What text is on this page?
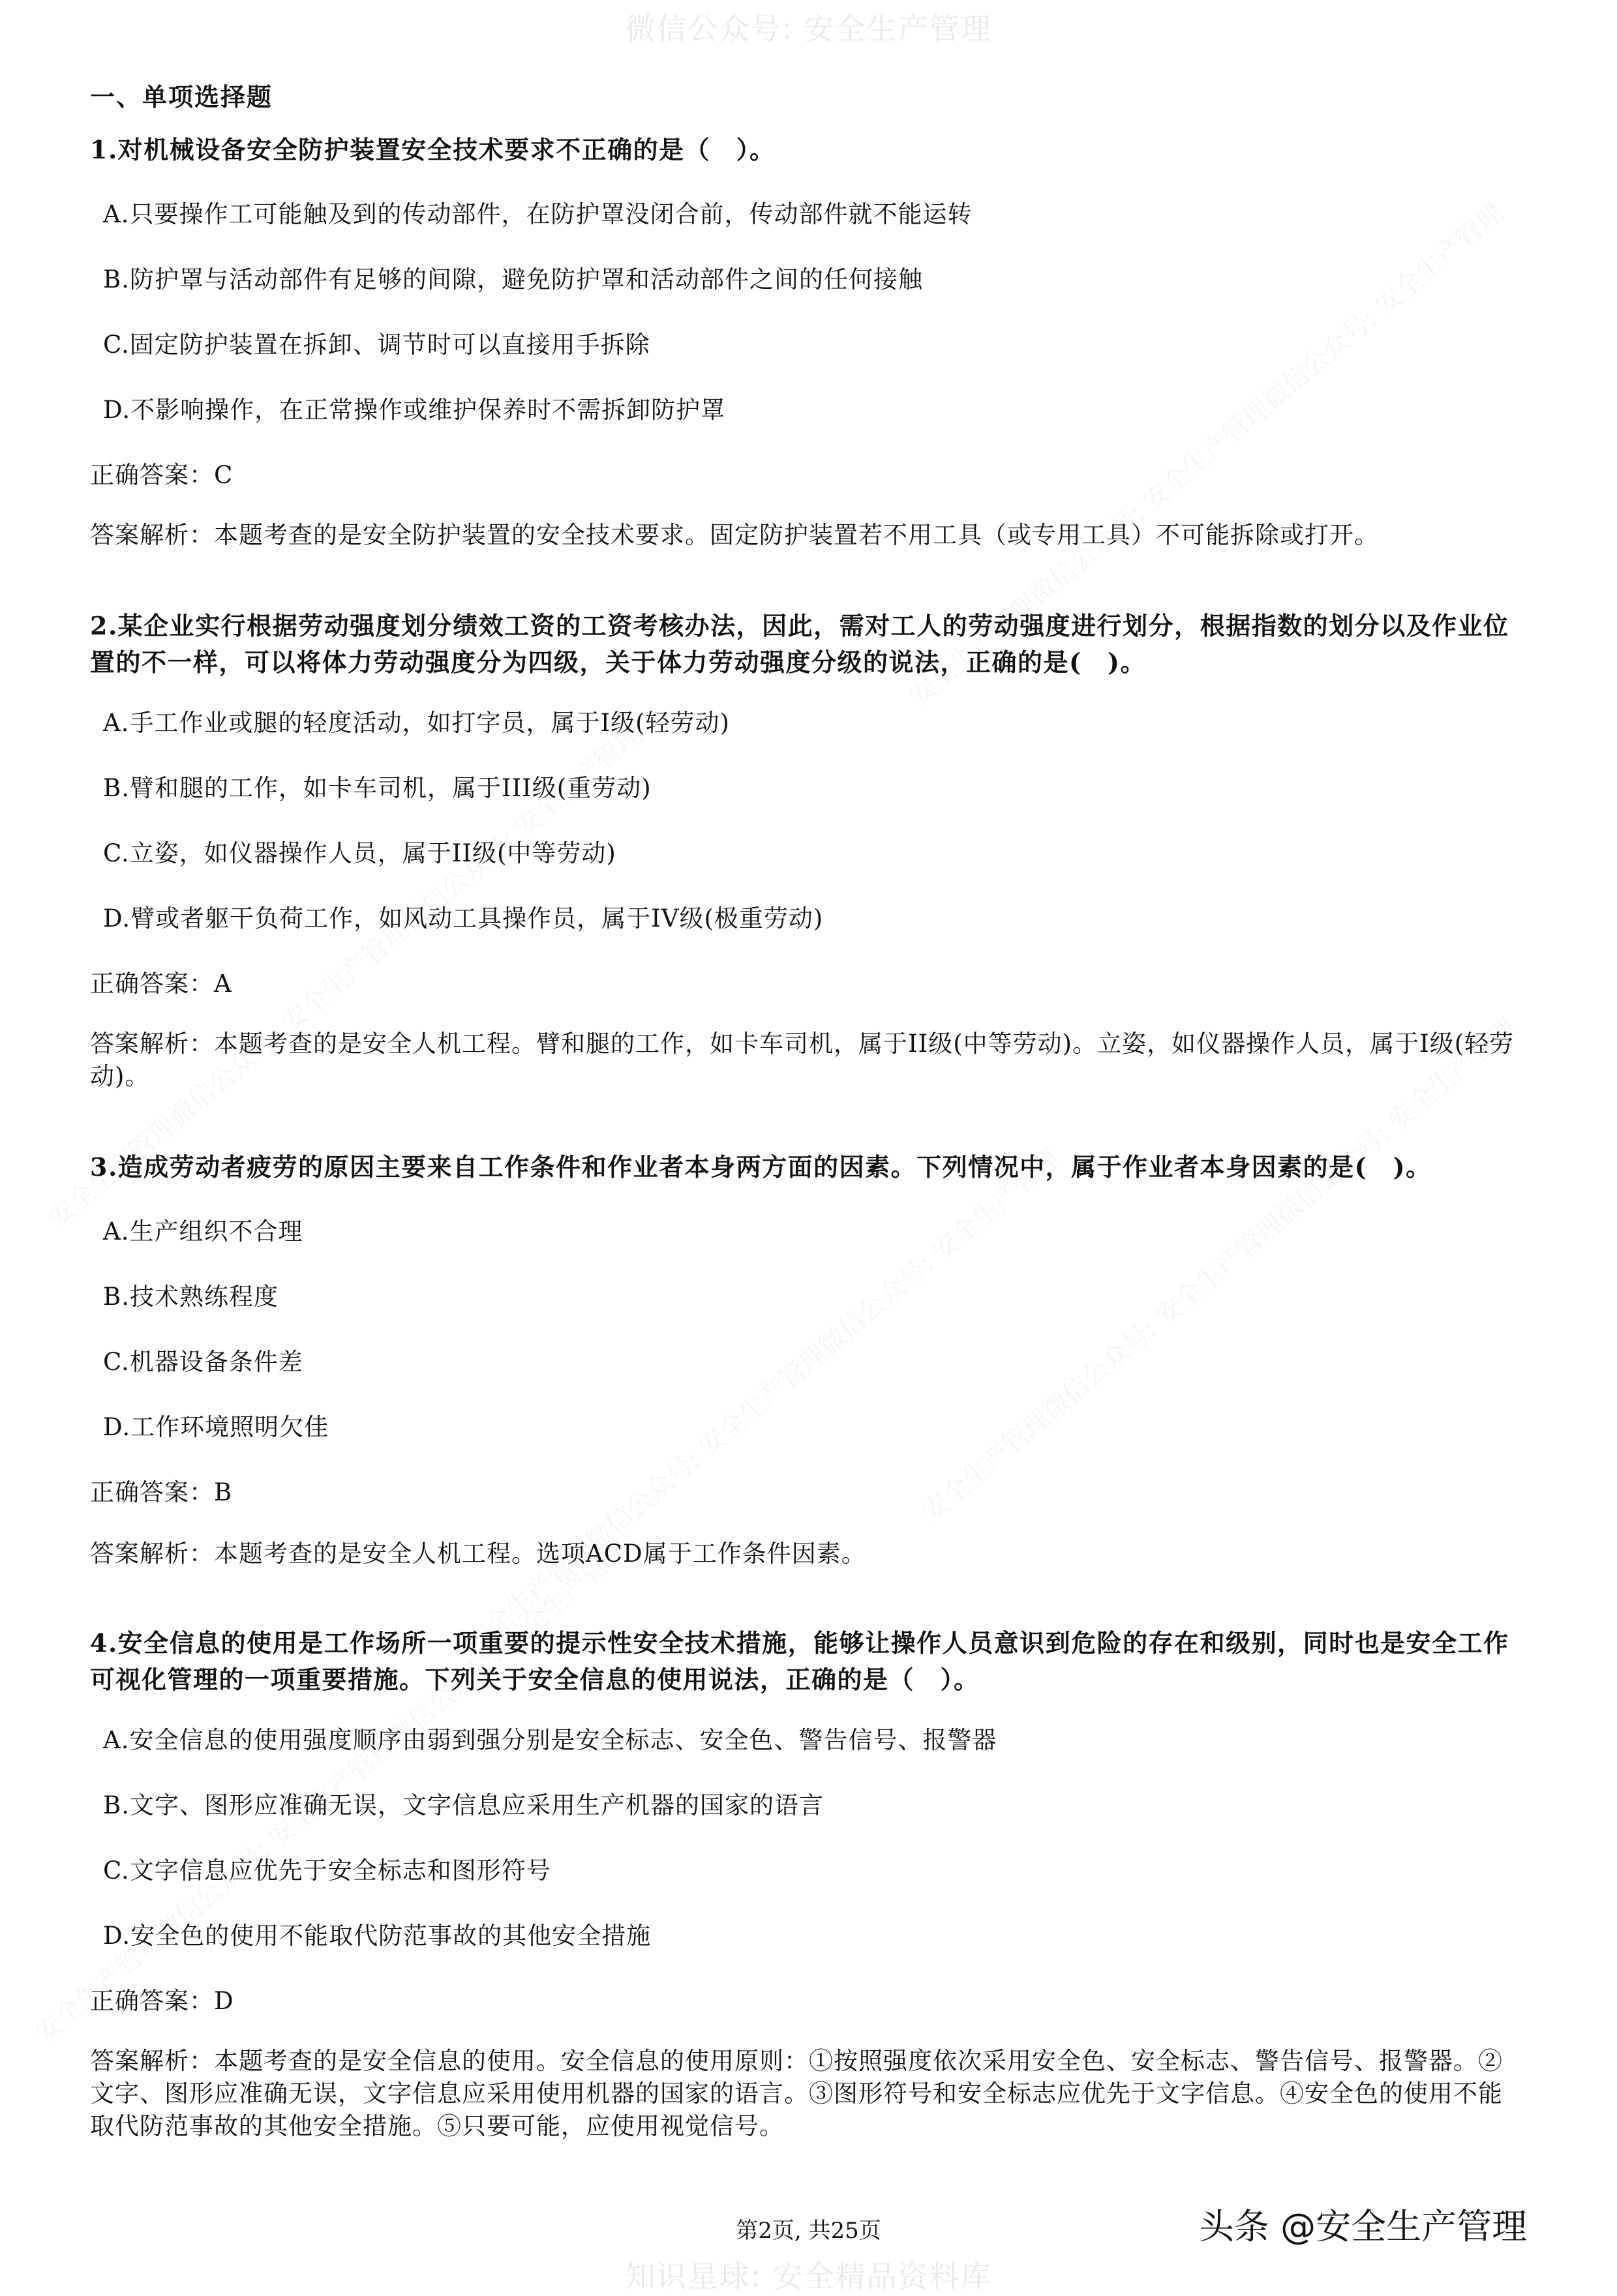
微信公众号: 安全生产管理
一、单项选择题
1.对机械设备安全防护装置安全技术要求不正确的是（　）。
A.只要操作工可能触及到的传动部件，在防护罩没闭合前，传动部件就不能运转
B.防护罩与活动部件有足够的间隙，避免防护罩和活动部件之间的任何接触
C.固定防护装置在拆卸、调节时可以直接用手拆除
D.不影响操作，在正常操作或维护保养时不需拆卸防护罩
正确答案：C
答案解析：本题考查的是安全防护装置的安全技术要求。固定防护装置若不用工具（或专用工具）不可能拆除或打开。
2.某企业实行根据劳动强度划分绩效工资的工资考核办法，因此，需对工人的劳动强度进行划分，根据指数的划分以及作业位置的不一样，可以将体力劳动强度分为四级，关于体力劳动强度分级的说法，正确的是(　)。
A.手工作业或腿的轻度活动，如打字员，属于I级(轻劳动)
B.臂和腿的工作，如卡车司机，属于III级(重劳动)
C.立姿，如仪器操作人员，属于II级(中等劳动)
D.臂或者躯干负荷工作，如风动工具操作员，属于IV级(极重劳动)
正确答案：A
答案解析：本题考查的是安全人机工程。臂和腿的工作，如卡车司机，属于II级(中等劳动)。立姿，如仪器操作人员，属于I级(轻劳动)。
3.造成劳动者疲劳的原因主要来自工作条件和作业者本身两方面的因素。下列情况中，属于作业者本身因素的是(　)。
A.生产组织不合理
B.技术熟练程度
C.机器设备条件差
D.工作环境照明欠佳
正确答案：B
答案解析：本题考查的是安全人机工程。选项ACD属于工作条件因素。
4.安全信息的使用是工作场所一项重要的提示性安全技术措施，能够让操作人员意识到危险的存在和级别，同时也是安全工作可视化管理的一项重要措施。下列关于安全信息的使用说法，正确的是（　）。
A.安全信息的使用强度顺序由弱到强分别是安全标志、安全色、警告信号、报警器
B.文字、图形应准确无误，文字信息应采用生产机器的国家的语言
C.文字信息应优先于安全标志和图形符号
D.安全色的使用不能取代防范事故的其他安全措施
正确答案：D
答案解析：本题考查的是安全信息的使用。安全信息的使用原则：①按照强度依次采用安全色、安全标志、警告信号、报警器。②文字、图形应准确无误，文字信息应采用使用机器的国家的语言。③图形符号和安全标志应优先于文字信息。④安全色的使用不能取代防范事故的其他安全措施。⑤只要可能，应使用视觉信号。
第2页, 共25页	头条 @安全生产管理
知识星球: 安全精品资料库
